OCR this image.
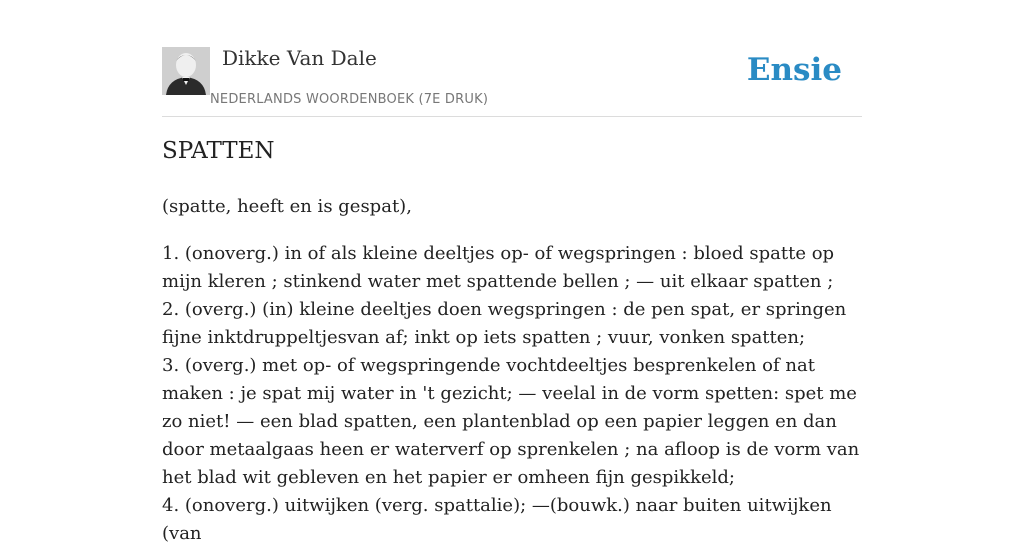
Dikke Van Dale
NEDERLANDS WOORDENBOEK (7E DRUK)
Ensie
SPATTEN

(spatte, heeft en is gespat),

1. (onoverg.) in of als kleine deeltjes op- of wegspringen : bloed spatte op mijn kleren ; stinkend water met spattende bellen ; — uit elkaar spatten ;
2. (overg.) (in) kleine deeltjes doen wegspringen : de pen spat, er springen fijne inktdruppeltjesvan af; inkt op iets spatten ; vuur, vonken spatten;
3. (overg.) met op- of wegspringende vochtdeeltjes besprenkelen of nat maken : je spat mij water in 't gezicht; — veelal in de vorm spetten: spet me zo niet! — een blad spatten, een plantenblad op een papier leggen en dan door metaalgaas heen er waterverf op sprenkelen ; na afloop is de vorm van het blad wit gebleven en het papier er omheen fijn gespikkeld;
4. (onoverg.) uitwijken (verg. spattalie); —(bouwk.) naar buiten uitwijken (van
